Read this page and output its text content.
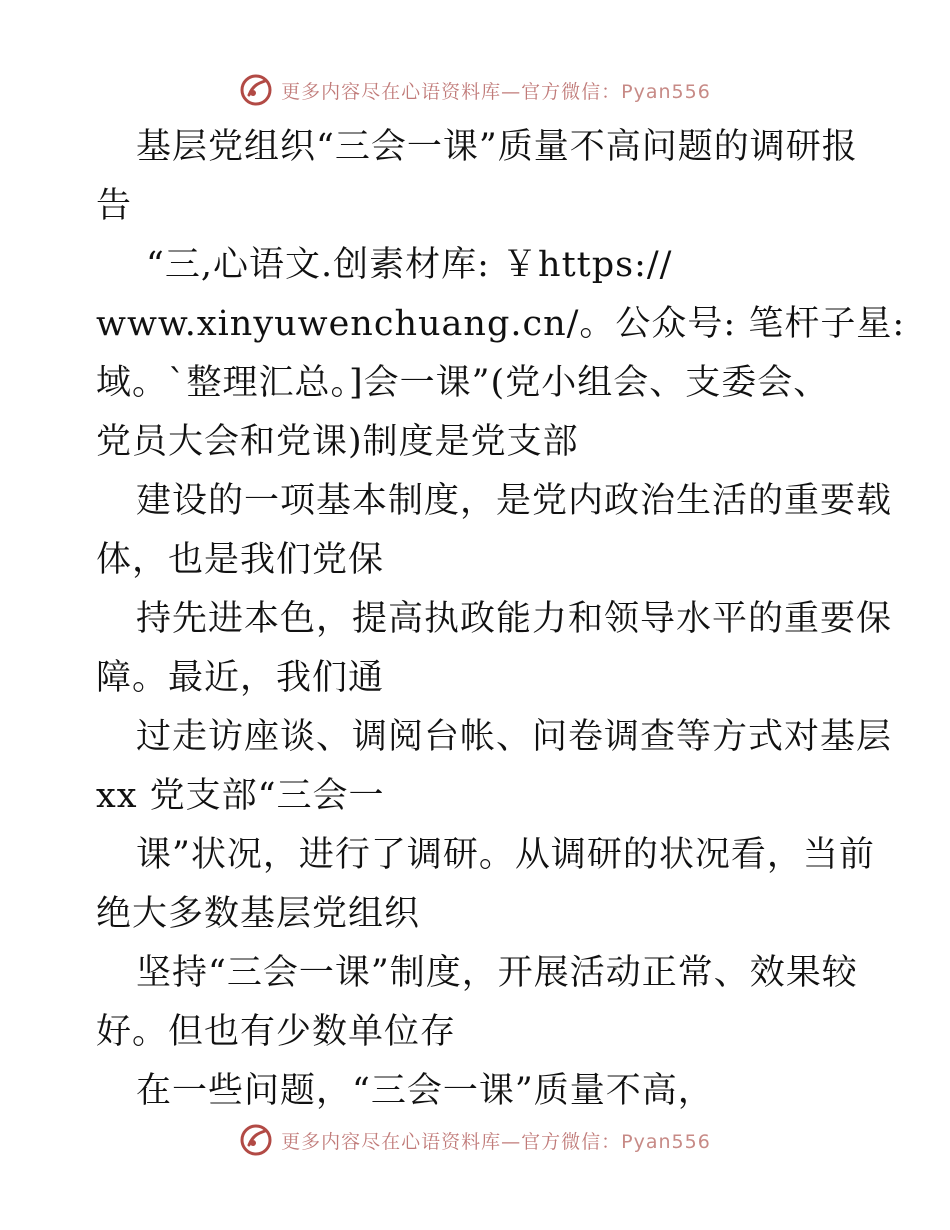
更多内容尽在心语资料库—官方微信：Pyan556
基层党组织“三会一课”质量不高问题的调研报
告
“三,心语文.创素材库: ￥https://
www.xinyuwenchuang.cn/。公众号: 笔杆子星:
域。`整理汇总。]会一课”(党小组会、支委会、
党员大会和党课)制度是党支部
建设的一项基本制度，是党内政治生活的重要载
体，也是我们党保
持先进本色，提高执政能力和领导水平的重要保
障。最近，我们通
过走访座谈、调阅台帐、问卷调查等方式对基层
xx 党支部“三会一
课”状况，进行了调研。从调研的状况看，当前
绝大多数基层党组织
坚持“三会一课”制度，开展活动正常、效果较
好。但也有少数单位存
在一些问题，“三会一课”质量不高，
更多内容尽在心语资料库—官方微信：Pyan556
